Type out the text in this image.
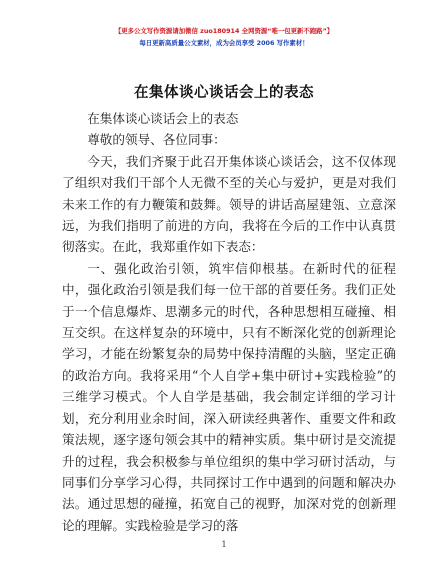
【更多公文写作资源请加微信 zuo180914 全网资源“唯一包更新不跑路”】
每日更新高质量公文素材，成为会员享受 2006 写作素材！
在集体谈心谈话会上的表态

在集体谈心谈话会上的表态

尊敬的领导、各位同事：

今天，我们齐聚于此召开集体谈心谈话会，这不仅体现了组织对我们干部个人无微不至的关心与爱护，更是对我们未来工作的有力鞭策和鼓舞。领导的讲话高屋建瓴、立意深远，为我们指明了前进的方向，我将在今后的工作中认真贯彻落实。在此，我郑重作如下表态：

一、强化政治引领，筑牢信仰根基。在新时代的征程中，强化政治引领是我们每一位干部的首要任务。我们正处于一个信息爆炸、思潮多元的时代，各种思想相互碰撞、相互交织。在这样复杂的环境中，只有不断深化党的创新理论学习，才能在纷繁复杂的局势中保持清醒的头脑，坚定正确的政治方向。我将采用“个人自学+集中研讨+实践检验”的三维学习模式。个人自学是基础，我会制定详细的学习计划，充分利用业余时间，深入研读经典著作、重要文件和政策法规，逐字逐句领会其中的精神实质。集中研讨是交流提升的过程，我会积极参与单位组织的集中学习研讨活动，与同事们分享学习心得，共同探讨工作中遇到的问题和解决办法。通过思想的碰撞，拓宽自己的视野，加深对党的创新理论的理解。实践检验是学习的落

1
